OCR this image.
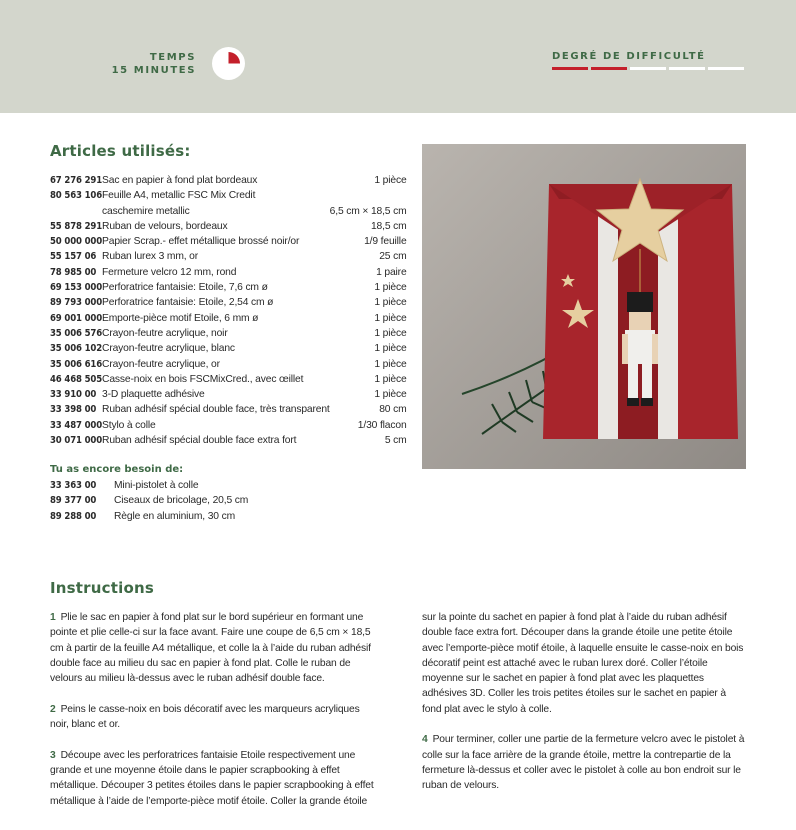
TEMPS
15 MINUTES
DEGRÉ DE DIFFICULTÉ
Articles utilisés:
67 276 291	Sac en papier à fond plat bordeaux	1 pièce
80 563 106	Feuille A4, metallic FSC Mix Credit	
	caschemire metallic	6,5 cm × 18,5 cm
55 878 291	Ruban de velours, bordeaux	18,5 cm
50 000 000	Papier Scrap.- effet métallique brossé noir/or	1/9 feuille
55 157 06	Ruban lurex 3 mm, or	25 cm
78 985 00	Fermeture velcro 12 mm, rond	1 paire
69 153 000	Perforatrice fantaisie: Etoile, 7,6 cm ø	1 pièce
89 793 000	Perforatrice fantaisie: Etoile, 2,54 cm ø	1 pièce
69 001 000	Emporte-pièce motif Etoile, 6 mm ø	1 pièce
35 006 576	Crayon-feutre acrylique, noir	1 pièce
35 006 102	Crayon-feutre acrylique, blanc	1 pièce
35 006 616	Crayon-feutre acrylique, or	1 pièce
46 468 505	Casse-noix en bois FSCMixCred., avec œillet	1 pièce
33 910 00	3-D plaquette adhésive	1 pièce
33 398 00	Ruban adhésif spécial double face, très transparent	80 cm
33 487 000	Stylo à colle	1/30 flacon
30 071 000	Ruban adhésif spécial double face extra fort	5 cm
Tu as encore besoin de:
33 363 00	Mini-pistolet à colle
89 377 00	Ciseaux de bricolage, 20,5 cm
89 288 00	Règle en aluminium, 30 cm
Instructions

1 Plie le sac en papier à fond plat sur le bord supérieur en formant une pointe et plie celle-ci sur la face avant. Faire une coupe de 6,5 cm × 18,5 cm à partir de la feuille A4 métallique, et colle la à l’aide du ruban adhésif double face au milieu du sac en papier à fond plat. Colle le ruban de velours au milieu là-dessus avec le ruban adhésif double face.

2 Peins le casse-noix en bois décoratif avec les marqueurs acryliques noir, blanc et or.

3 Découpe avec les perforatrices fantaisie Etoile respectivement une grande et une moyenne étoile dans le papier scrapbooking à effet métallique. Découper 3 petites étoiles dans le papier scrapbooking à effet métallique à l’aide de l’emporte-pièce motif étoile. Coller la grande étoile

sur la pointe du sachet en papier à fond plat à l’aide du ruban adhésif double face extra fort. Découper dans la grande étoile une petite étoile avec l’emporte-pièce motif étoile, à laquelle ensuite le casse-noix en bois décoratif peint est attaché avec le ruban lurex doré. Coller l’étoile moyenne sur le sachet en papier à fond plat avec les plaquettes adhésives 3D. Coller les trois petites étoiles sur le sachet en papier à fond plat avec le stylo à colle.

4 Pour terminer, coller une partie de la fermeture velcro avec le pistolet à colle sur la face arrière de la grande étoile, mettre la contrepartie de la fermeture là-dessus et coller avec le pistolet à colle au bon endroit sur le ruban de velours.
